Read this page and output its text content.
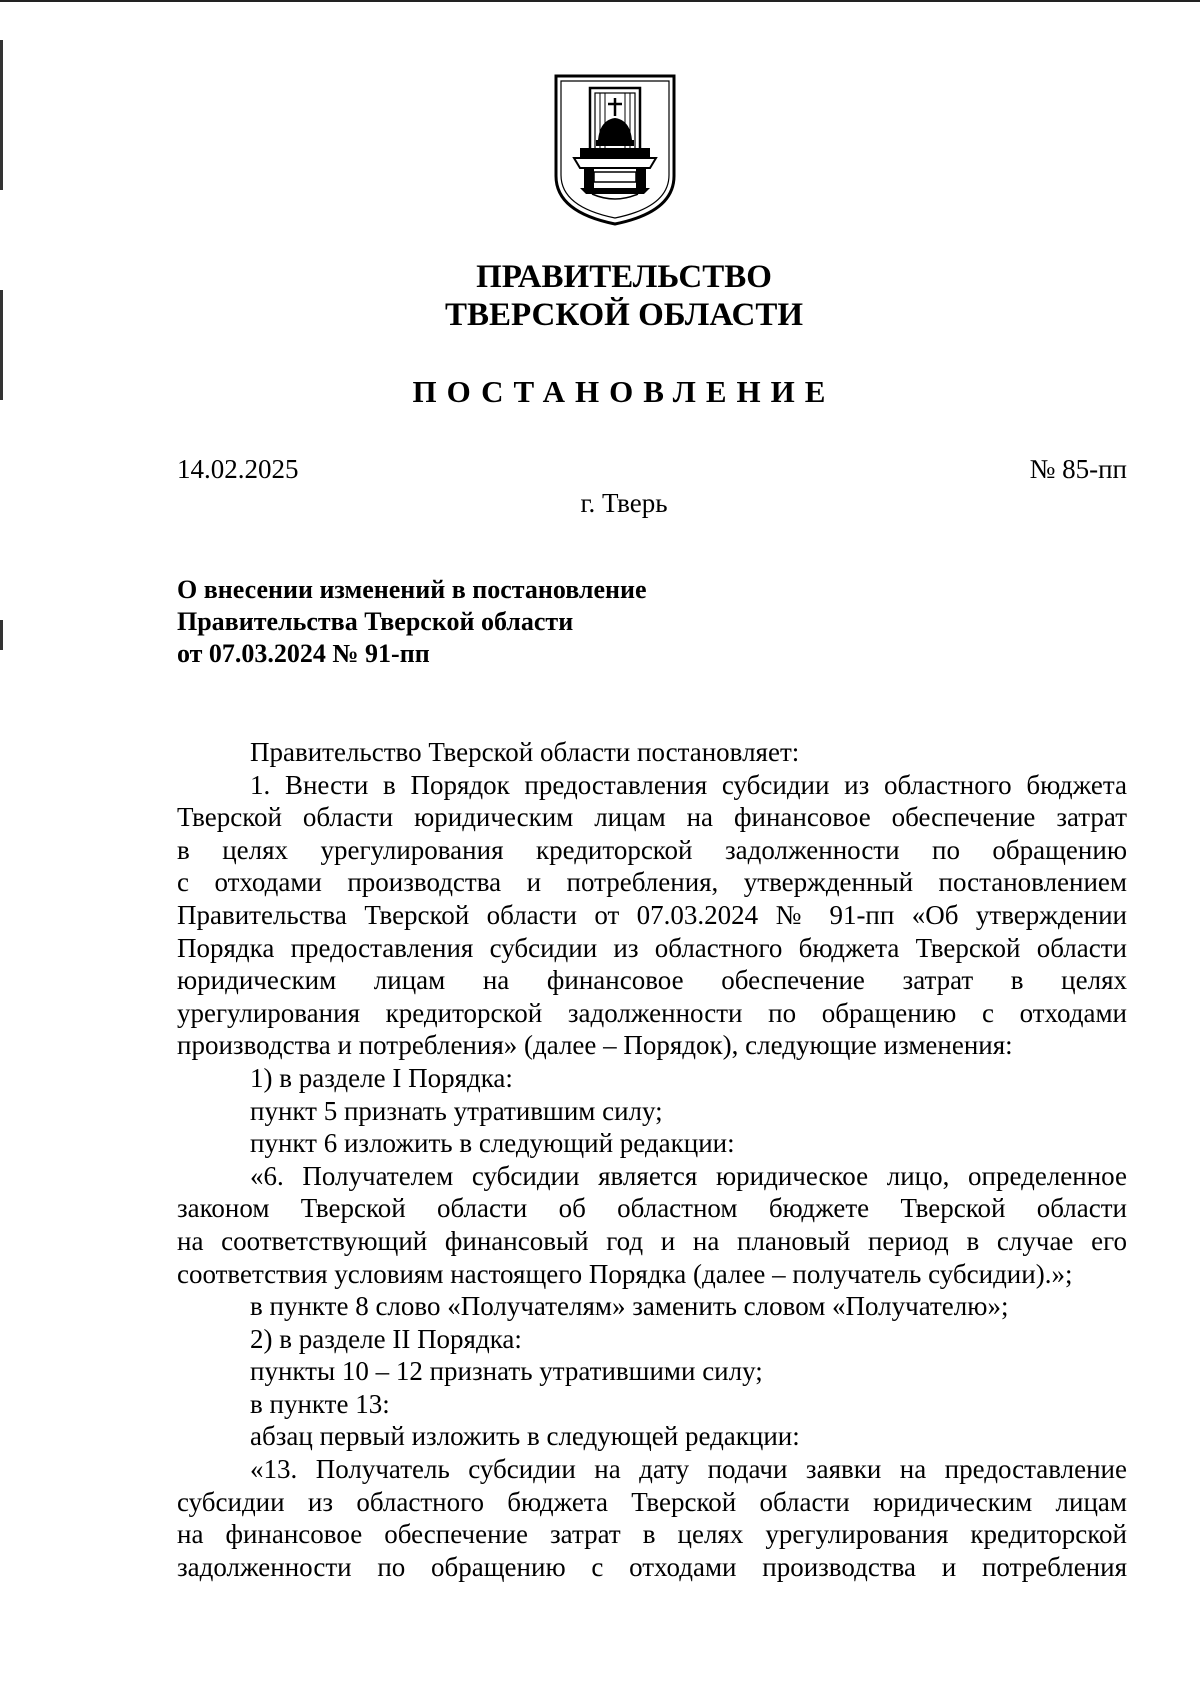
ПРАВИТЕЛЬСТВО
ТВЕРСКОЙ ОБЛАСТИ
ПОСТАНОВЛЕНИЕ
14.02.2025	№ 85-пп
г. Тверь
О внесении изменений в постановление
Правительства Тверской области
от 07.03.2024 № 91-пп
Правительство Тверской области постановляет:
1. Внести в Порядок предоставления субсидии из областного бюджета
Тверской области юридическим лицам на финансовое обеспечение затрат
в целях урегулирования кредиторской задолженности по обращению
с отходами производства и потребления, утвержденный постановлением
Правительства Тверской области от 07.03.2024 № 91-пп «Об утверждении
Порядка предоставления субсидии из областного бюджета Тверской области
юридическим лицам на финансовое обеспечение затрат в целях
урегулирования кредиторской задолженности по обращению с отходами
производства и потребления» (далее – Порядок), следующие изменения:
1) в разделе I Порядка:
пункт 5 признать утратившим силу;
пункт 6 изложить в следующий редакции:
«6. Получателем субсидии является юридическое лицо, определенное
законом Тверской области об областном бюджете Тверской области
на соответствующий финансовый год и на плановый период в случае его
соответствия условиям настоящего Порядка (далее – получатель субсидии).»;
в пункте 8 слово «Получателям» заменить словом «Получателю»;
2) в разделе II Порядка:
пункты 10 – 12 признать утратившими силу;
в пункте 13:
абзац первый изложить в следующей редакции:
«13. Получатель субсидии на дату подачи заявки на предоставление
субсидии из областного бюджета Тверской области юридическим лицам
на финансовое обеспечение затрат в целях урегулирования кредиторской
задолженности по обращению с отходами производства и потребления
